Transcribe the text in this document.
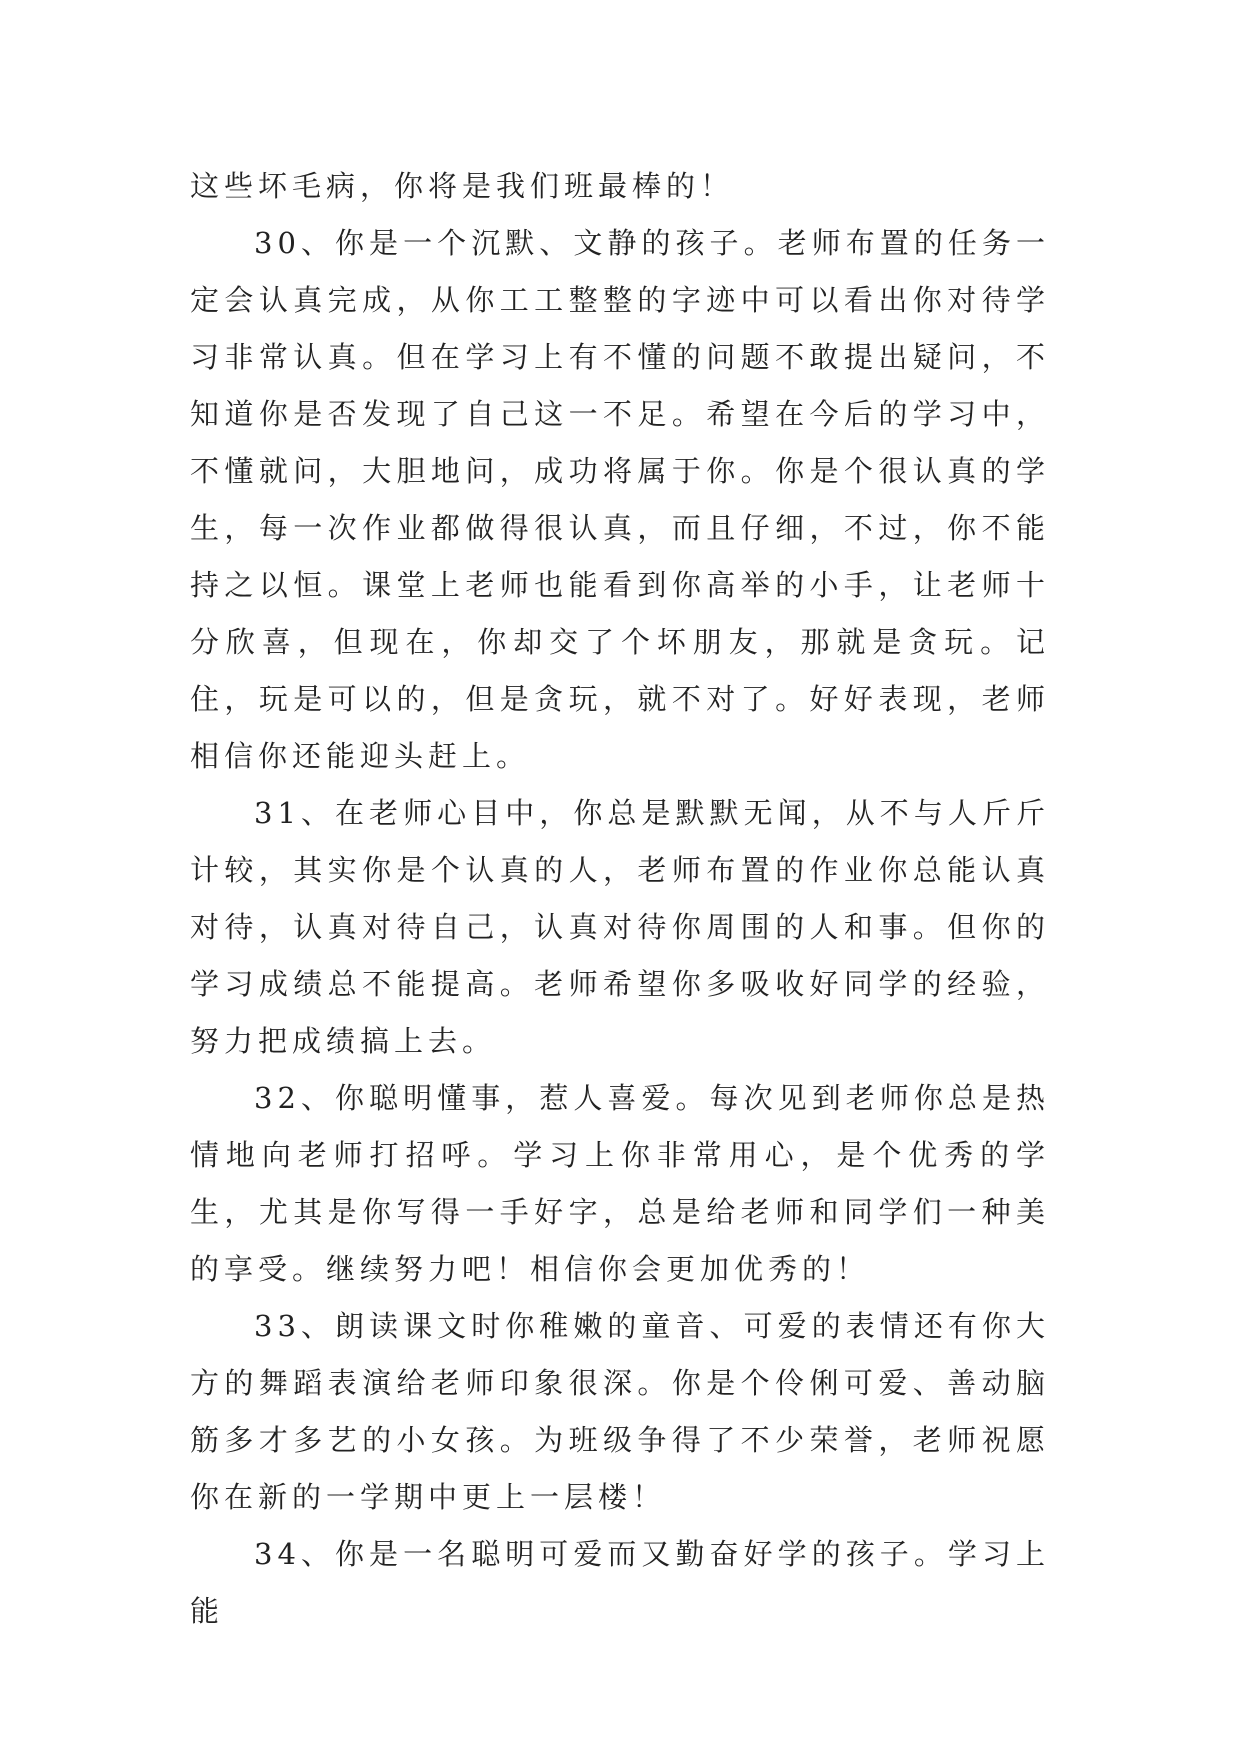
这些坏毛病，你将是我们班最棒的！

30、你是一个沉默、文静的孩子。老师布置的任务一定会认真完成，从你工工整整的字迹中可以看出你对待学习非常认真。但在学习上有不懂的问题不敢提出疑问，不知道你是否发现了自己这一不足。希望在今后的学习中，不懂就问，大胆地问，成功将属于你。你是个很认真的学生，每一次作业都做得很认真，而且仔细，不过，你不能持之以恒。课堂上老师也能看到你高举的小手，让老师十分欣喜，但现在，你却交了个坏朋友，那就是贪玩。记住，玩是可以的，但是贪玩，就不对了。好好表现，老师相信你还能迎头赶上。

31、在老师心目中，你总是默默无闻，从不与人斤斤计较，其实你是个认真的人，老师布置的作业你总能认真对待，认真对待自己，认真对待你周围的人和事。但你的学习成绩总不能提高。老师希望你多吸收好同学的经验，努力把成绩搞上去。

32、你聪明懂事，惹人喜爱。每次见到老师你总是热情地向老师打招呼。学习上你非常用心，是个优秀的学生，尤其是你写得一手好字，总是给老师和同学们一种美的享受。继续努力吧！相信你会更加优秀的！

33、朗读课文时你稚嫩的童音、可爱的表情还有你大方的舞蹈表演给老师印象很深。你是个伶俐可爱、善动脑筋多才多艺的小女孩。为班级争得了不少荣誉，老师祝愿你在新的一学期中更上一层楼！

34、你是一名聪明可爱而又勤奋好学的孩子。学习上能
